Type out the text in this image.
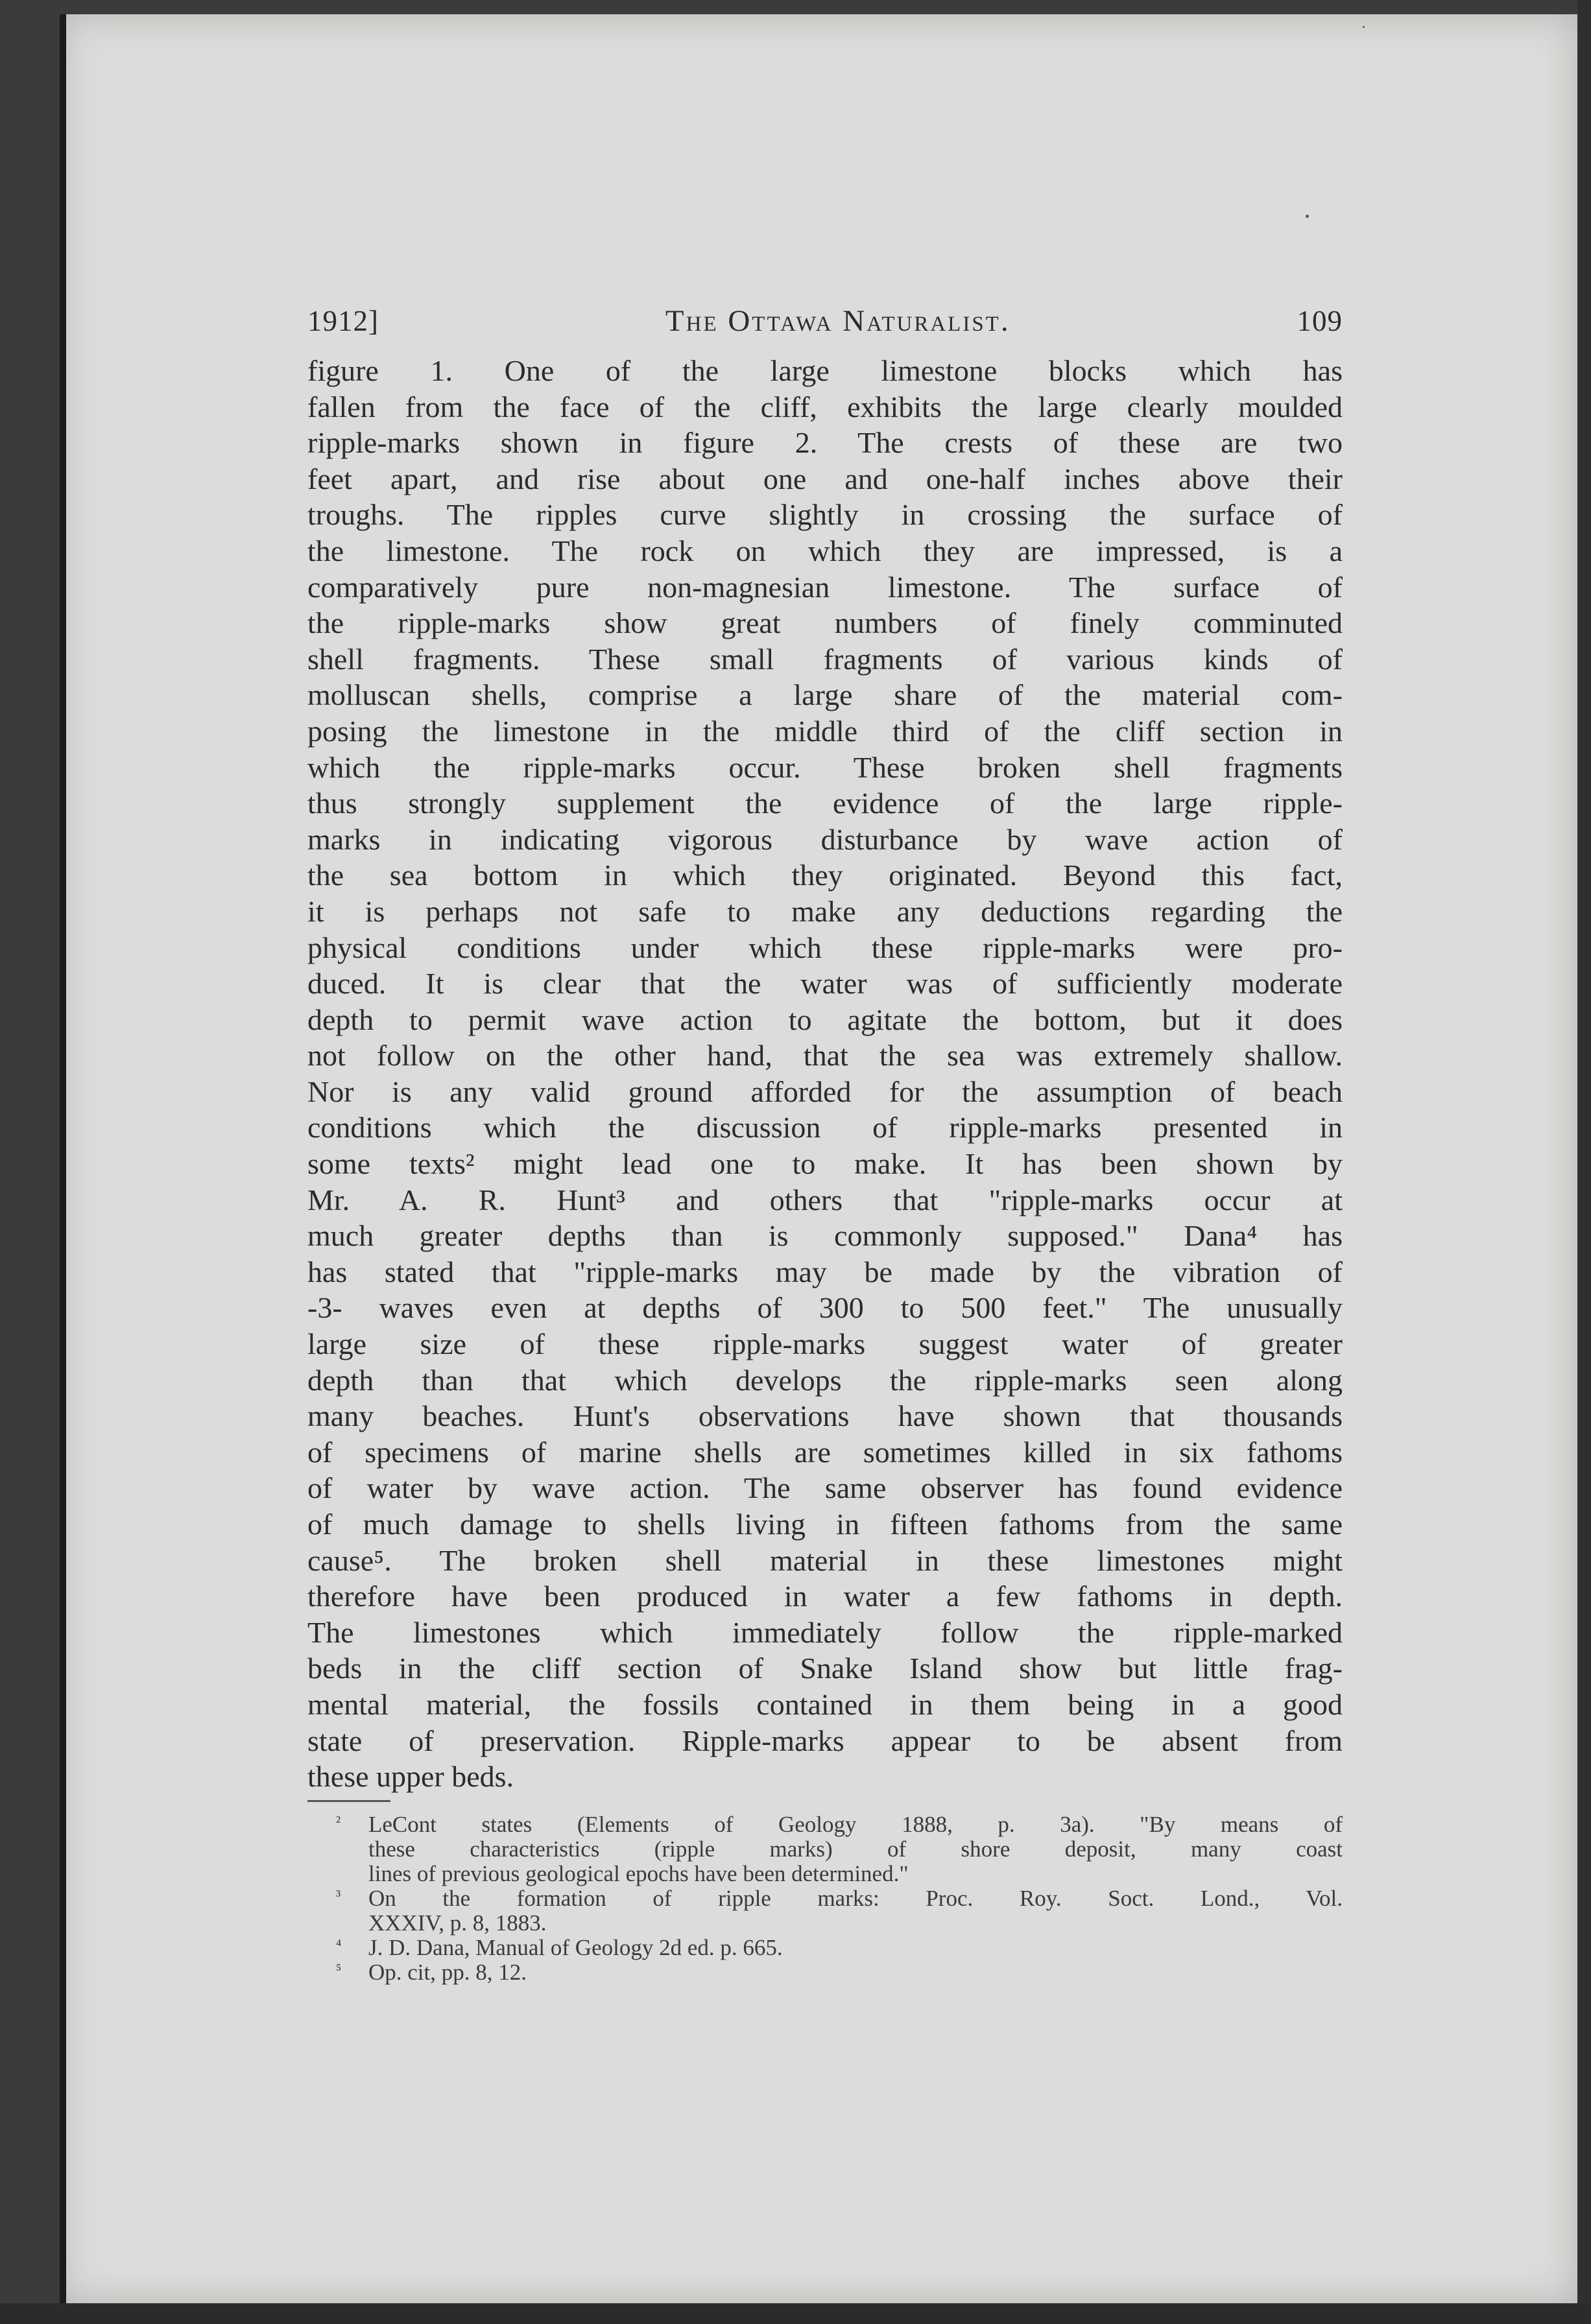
1912]	The Ottawa Naturalist.	109
figure 1. One of the large limestone blocks which has
fallen from the face of the cliff, exhibits the large clearly moulded
ripple-marks shown in figure 2. The crests of these are two
feet apart, and rise about one and one-half inches above their
troughs. The ripples curve slightly in crossing the surface of
the limestone. The rock on which they are impressed, is a
comparatively pure non-magnesian limestone. The surface of
the ripple-marks show great numbers of finely comminuted
shell fragments. These small fragments of various kinds of
molluscan shells, comprise a large share of the material com-
posing the limestone in the middle third of the cliff section in
which the ripple-marks occur. These broken shell fragments
thus strongly supplement the evidence of the large ripple-
marks in indicating vigorous disturbance by wave action of
the sea bottom in which they originated. Beyond this fact,
it is perhaps not safe to make any deductions regarding the
physical conditions under which these ripple-marks were pro-
duced. It is clear that the water was of sufficiently moderate
depth to permit wave action to agitate the bottom, but it does
not follow on the other hand, that the sea was extremely shallow.
Nor is any valid ground afforded for the assumption of beach
conditions which the discussion of ripple-marks presented in
some texts² might lead one to make. It has been shown by
Mr. A. R. Hunt³ and others that "ripple-marks occur at
much greater depths than is commonly supposed." Dana⁴ has
has stated that "ripple-marks may be made by the vibration of
-3- waves even at depths of 300 to 500 feet." The unusually
large size of these ripple-marks suggest water of greater
depth than that which develops the ripple-marks seen along
many beaches. Hunt's observations have shown that thousands
of specimens of marine shells are sometimes killed in six fathoms
of water by wave action. The same observer has found evidence
of much damage to shells living in fifteen fathoms from the same
cause⁵. The broken shell material in these limestones might
therefore have been produced in water a few fathoms in depth.
The limestones which immediately follow the ripple-marked
beds in the cliff section of Snake Island show but little frag-
mental material, the fossils contained in them being in a good
state of preservation. Ripple-marks appear to be absent from
these upper beds.
² LeCont states (Elements of Geology 1888, p. 3a). "By means of
these characteristics (ripple marks) of shore deposit, many coast
lines of previous geological epochs have been determined."
³ On the formation of ripple marks: Proc. Roy. Soct. Lond., Vol.
XXXIV, p. 8, 1883.
⁴ J. D. Dana, Manual of Geology 2d ed. p. 665.
⁵ Op. cit, pp. 8, 12.
